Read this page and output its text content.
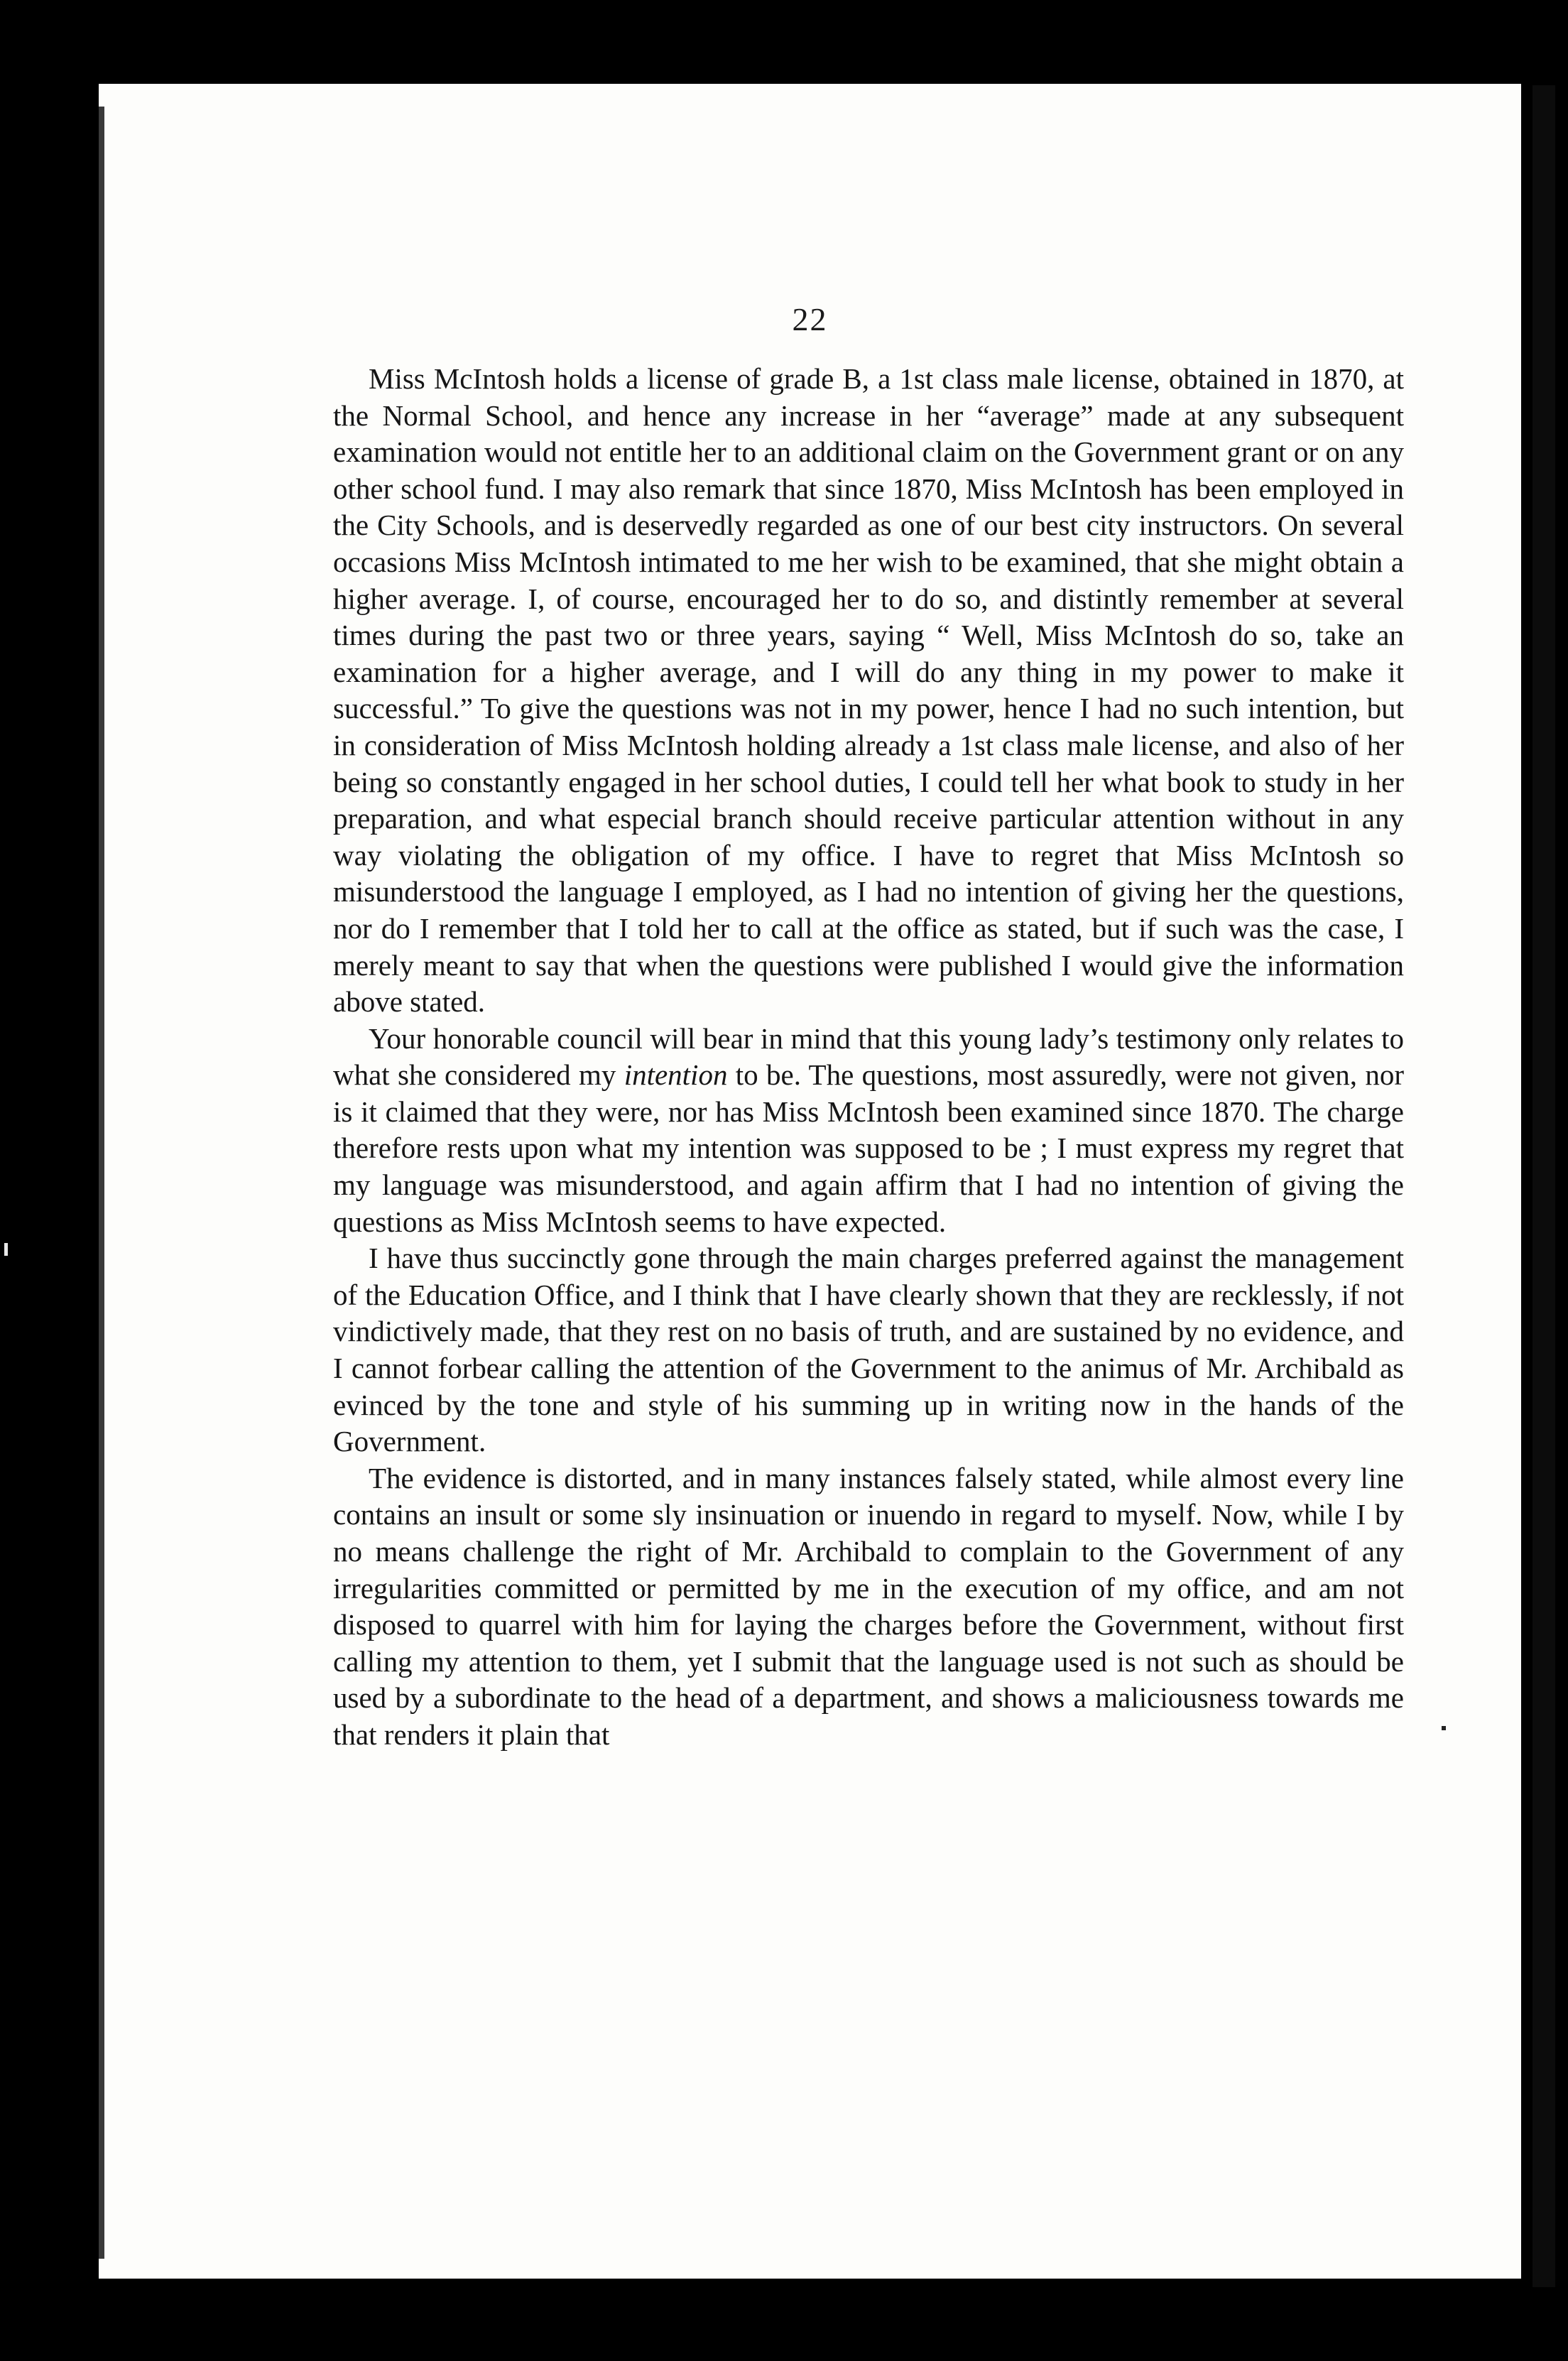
22

Miss McIntosh holds a license of grade B, a 1st class male license, obtained in 1870, at the Normal School, and hence any increase in her “average” made at any subsequent examination would not entitle her to an additional claim on the Government grant or on any other school fund. I may also remark that since 1870, Miss McIntosh has been employed in the City Schools, and is deservedly regarded as one of our best city instructors. On several occasions Miss McIntosh intimated to me her wish to be examined, that she might obtain a higher average. I, of course, encouraged her to do so, and distintly remember at several times during the past two or three years, saying “ Well, Miss McIntosh do so, take an examination for a higher average, and I will do any thing in my power to make it successful.” To give the questions was not in my power, hence I had no such intention, but in consideration of Miss McIntosh holding already a 1st class male license, and also of her being so constantly engaged in her school duties, I could tell her what book to study in her preparation, and what especial branch should receive particular attention without in any way violating the obligation of my office. I have to regret that Miss McIntosh so misunderstood the language I employed, as I had no intention of giving her the questions, nor do I remember that I told her to call at the office as stated, but if such was the case, I merely meant to say that when the questions were published I would give the information above stated.

Your honorable council will bear in mind that this young lady’s testimony only relates to what she considered my intention to be. The questions, most assuredly, were not given, nor is it claimed that they were, nor has Miss McIntosh been examined since 1870. The charge therefore rests upon what my intention was supposed to be ; I must express my regret that my language was misunderstood, and again affirm that I had no intention of giving the questions as Miss McIntosh seems to have expected.

I have thus succinctly gone through the main charges preferred against the management of the Education Office, and I think that I have clearly shown that they are recklessly, if not vindictively made, that they rest on no basis of truth, and are sustained by no evidence, and I cannot forbear calling the attention of the Government to the animus of Mr. Archibald as evinced by the tone and style of his summing up in writing now in the hands of the Government.

The evidence is distorted, and in many instances falsely stated, while almost every line contains an insult or some sly insinuation or inuendo in regard to myself. Now, while I by no means challenge the right of Mr. Archibald to complain to the Government of any irregularities committed or permitted by me in the execution of my office, and am not disposed to quarrel with him for laying the charges before the Government, without first calling my attention to them, yet I submit that the language used is not such as should be used by a subordinate to the head of a department, and shows a maliciousness towards me that renders it plain that
